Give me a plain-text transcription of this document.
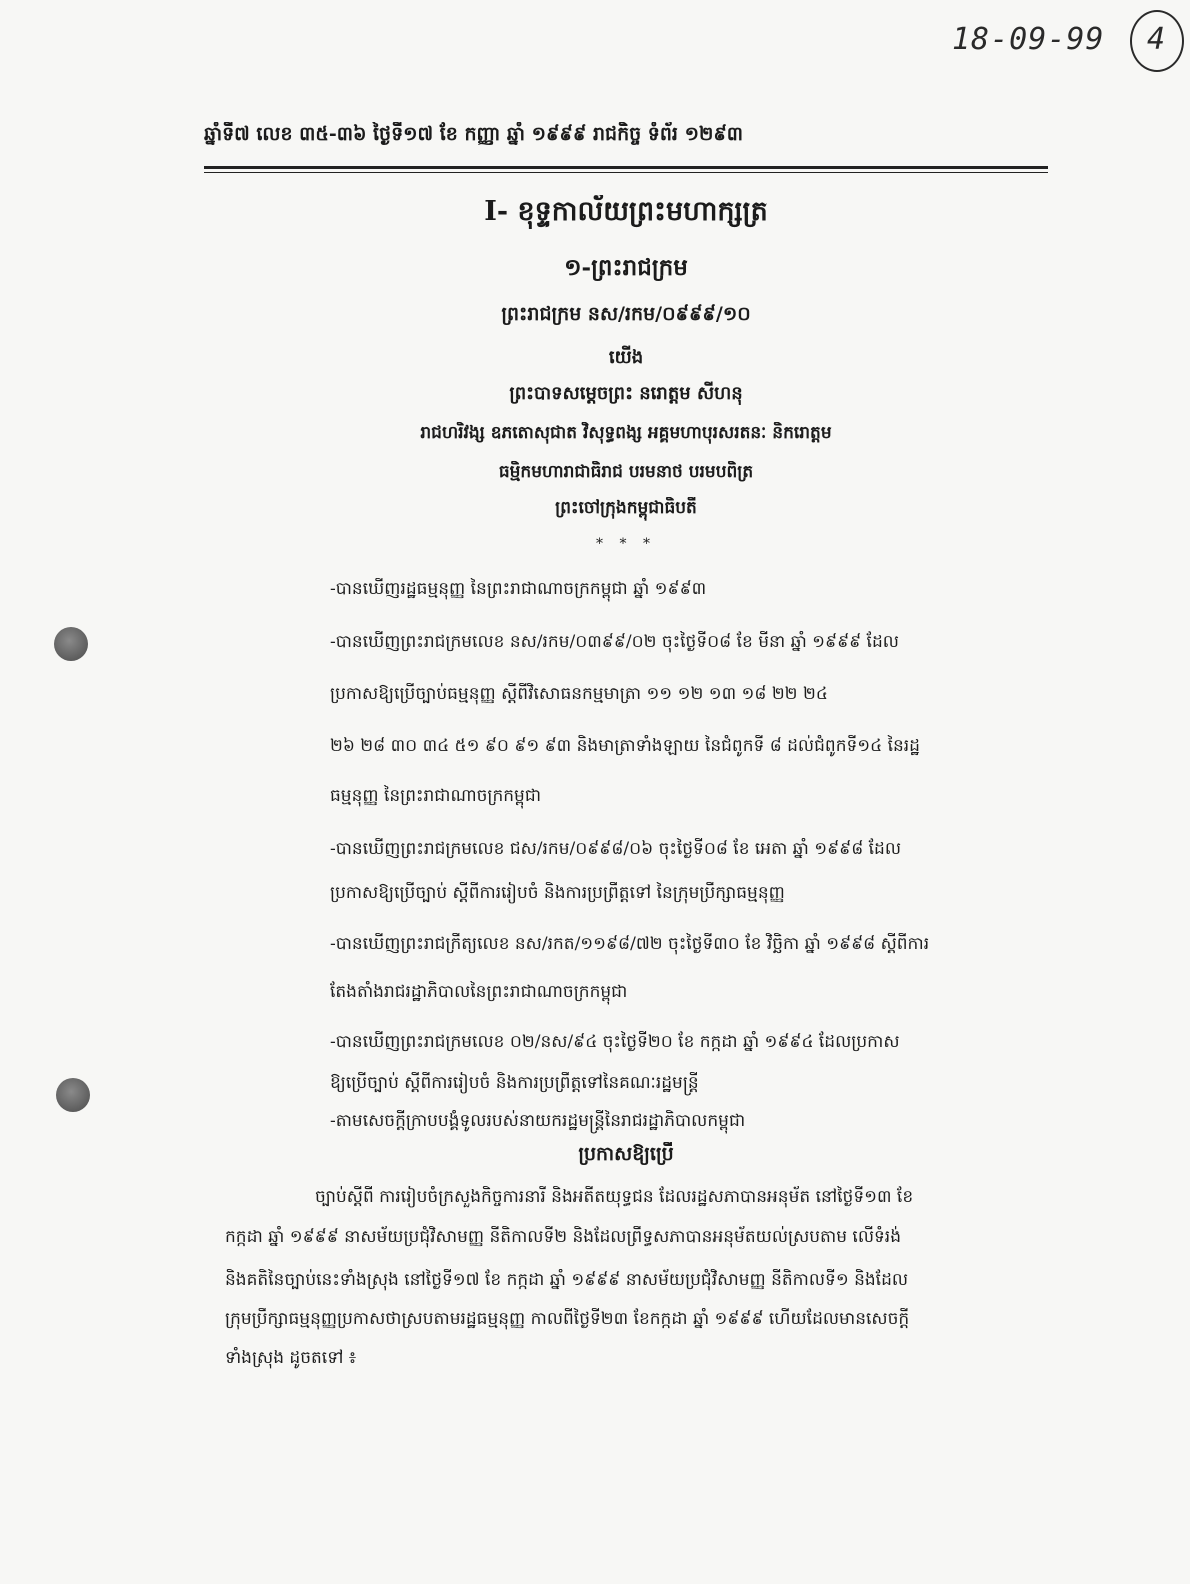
18-09-99 4
ឆ្នាំទី៧ លេខ ៣៥-៣៦ ថ្ងៃទី១៧ ខែ កញ្ញា ឆ្នាំ ១៩៩៩ រាជកិច្ច ទំព័រ ១២៩៣
I- ខុទ្ទកាល័យព្រះមហាក្សត្រ
១-ព្រះរាជក្រម
ព្រះរាជក្រម នស/រកម/០៩៩៩/១០
យើង
ព្រះបាទសម្តេចព្រះ នរោត្តម សីហនុ
រាជហរិវង្ស ឧភតោសុជាត វិសុទ្ធពង្ស អគ្គមហាបុរសរតនៈ និករោត្តម
ធម្មិកមហារាជាធិរាជ បរមនាថ បរមបពិត្រ
ព្រះចៅក្រុងកម្ពុជាធិបតី
* * *
-បានឃើញរដ្ឋធម្មនុញ្ញ នៃព្រះរាជាណាចក្រកម្ពុជា ឆ្នាំ ១៩៩៣
-បានឃើញព្រះរាជក្រមលេខ នស/រកម/០៣៩៩/០២ ចុះថ្ងៃទី០៨ ខែ មីនា ឆ្នាំ ១៩៩៩ ដែល
ប្រកាសឱ្យប្រើច្បាប់ធម្មនុញ្ញ ស្តីពីវិសោធនកម្មមាត្រា ១១ ១២ ១៣ ១៨ ២២ ២៤
២៦ ២៨ ៣០ ៣៤ ៥១ ៩០ ៩១ ៩៣ និងមាត្រាទាំងឡាយ នៃជំពូកទី ៨ ដល់ជំពូកទី១៤ នៃរដ្ឋ
ធម្មនុញ្ញ នៃព្រះរាជាណាចក្រកម្ពុជា
-បានឃើញព្រះរាជក្រមលេខ ជស/រកម/០៩៩៨/០៦ ចុះថ្ងៃទី០៨ ខែ អេតា ឆ្នាំ ១៩៩៨ ដែល
ប្រកាសឱ្យប្រើច្បាប់ ស្តីពីការរៀបចំ និងការប្រព្រឹត្តទៅ នៃក្រុមប្រឹក្សាធម្មនុញ្ញ
-បានឃើញព្រះរាជក្រឹត្យលេខ នស/រកត/១១៩៨/៧២ ចុះថ្ងៃទី៣០ ខែ វិច្ឆិកា ឆ្នាំ ១៩៩៨ ស្តីពីការ
តែងតាំងរាជរដ្ឋាភិបាលនៃព្រះរាជាណាចក្រកម្ពុជា
-បានឃើញព្រះរាជក្រមលេខ ០២/នស/៩៤ ចុះថ្ងៃទី២០ ខែ កក្កដា ឆ្នាំ ១៩៩៤ ដែលប្រកាស
ឱ្យប្រើច្បាប់ ស្តីពីការរៀបចំ និងការប្រព្រឹត្តទៅនៃគណៈរដ្ឋមន្ត្រី
-តាមសេចក្តីក្រាបបង្គំទូលរបស់នាយករដ្ឋមន្ត្រីនៃរាជរដ្ឋាភិបាលកម្ពុជា
ប្រកាសឱ្យប្រើ
ច្បាប់ស្តីពី ការរៀបចំក្រសួងកិច្ចការនារី និងអតីតយុទ្ធជន ដែលរដ្ឋសភាបានអនុម័ត នៅថ្ងៃទី១៣ ខែ
កក្កដា ឆ្នាំ ១៩៩៩ នាសម័យប្រជុំវិសាមញ្ញ នីតិកាលទី២ និងដែលព្រឹទ្ធសភាបានអនុម័តយល់ស្របតាម លើទំរង់
និងគតិនៃច្បាប់នេះទាំងស្រុង នៅថ្ងៃទី១៧ ខែ កក្កដា ឆ្នាំ ១៩៩៩ នាសម័យប្រជុំវិសាមញ្ញ នីតិកាលទី១ និងដែល
ក្រុមប្រឹក្សាធម្មនុញ្ញប្រកាសថាស្របតាមរដ្ឋធម្មនុញ្ញ កាលពីថ្ងៃទី២៣ ខែកក្កដា ឆ្នាំ ១៩៩៩ ហើយដែលមានសេចក្តី
ទាំងស្រុង ដូចតទៅ ៖
